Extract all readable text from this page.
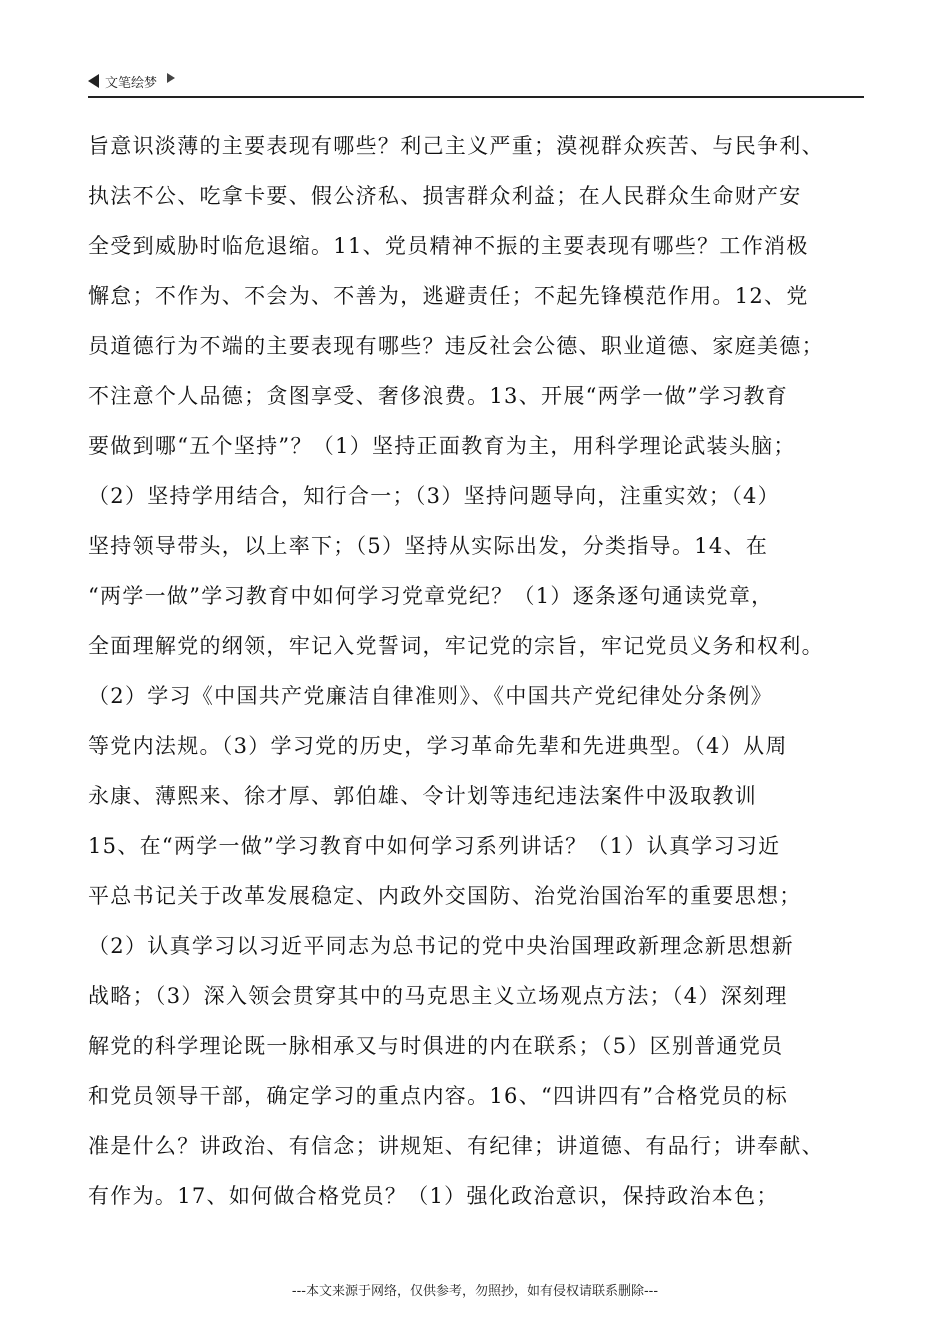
文笔绘梦
旨意识淡薄的主要表现有哪些？利己主义严重；漠视群众疾苦、与民争利、
执法不公、吃拿卡要、假公济私、损害群众利益；在人民群众生命财产安
全受到威胁时临危退缩。11、党员精神不振的主要表现有哪些？工作消极
懈怠；不作为、不会为、不善为，逃避责任；不起先锋模范作用。12、党
员道德行为不端的主要表现有哪些？违反社会公德、职业道德、家庭美德；
不注意个人品德；贪图享受、奢侈浪费。13、开展“两学一做”学习教育
要做到哪“五个坚持”？（1）坚持正面教育为主，用科学理论武装头脑；
（2）坚持学用结合，知行合一；（3）坚持问题导向，注重实效；（4）
坚持领导带头，以上率下；（5）坚持从实际出发，分类指导。14、在
“两学一做”学习教育中如何学习党章党纪？（1）逐条逐句通读党章，
全面理解党的纲领，牢记入党誓词，牢记党的宗旨，牢记党员义务和权利。
（2）学习《中国共产党廉洁自律准则》、《中国共产党纪律处分条例》
等党内法规。（3）学习党的历史，学习革命先辈和先进典型。（4）从周
永康、薄熙来、徐才厚、郭伯雄、令计划等违纪违法案件中汲取教训
15、在“两学一做”学习教育中如何学习系列讲话？（1）认真学习习近
平总书记关于改革发展稳定、内政外交国防、治党治国治军的重要思想；
（2）认真学习以习近平同志为总书记的党中央治国理政新理念新思想新
战略；（3）深入领会贯穿其中的马克思主义立场观点方法；（4）深刻理
解党的科学理论既一脉相承又与时俱进的内在联系；（5）区别普通党员
和党员领导干部，确定学习的重点内容。16、“四讲四有”合格党员的标
准是什么？讲政治、有信念；讲规矩、有纪律；讲道德、有品行；讲奉献、
有作为。17、如何做合格党员？（1）强化政治意识，保持政治本色；
---本文来源于网络，仅供参考，勿照抄，如有侵权请联系删除---
